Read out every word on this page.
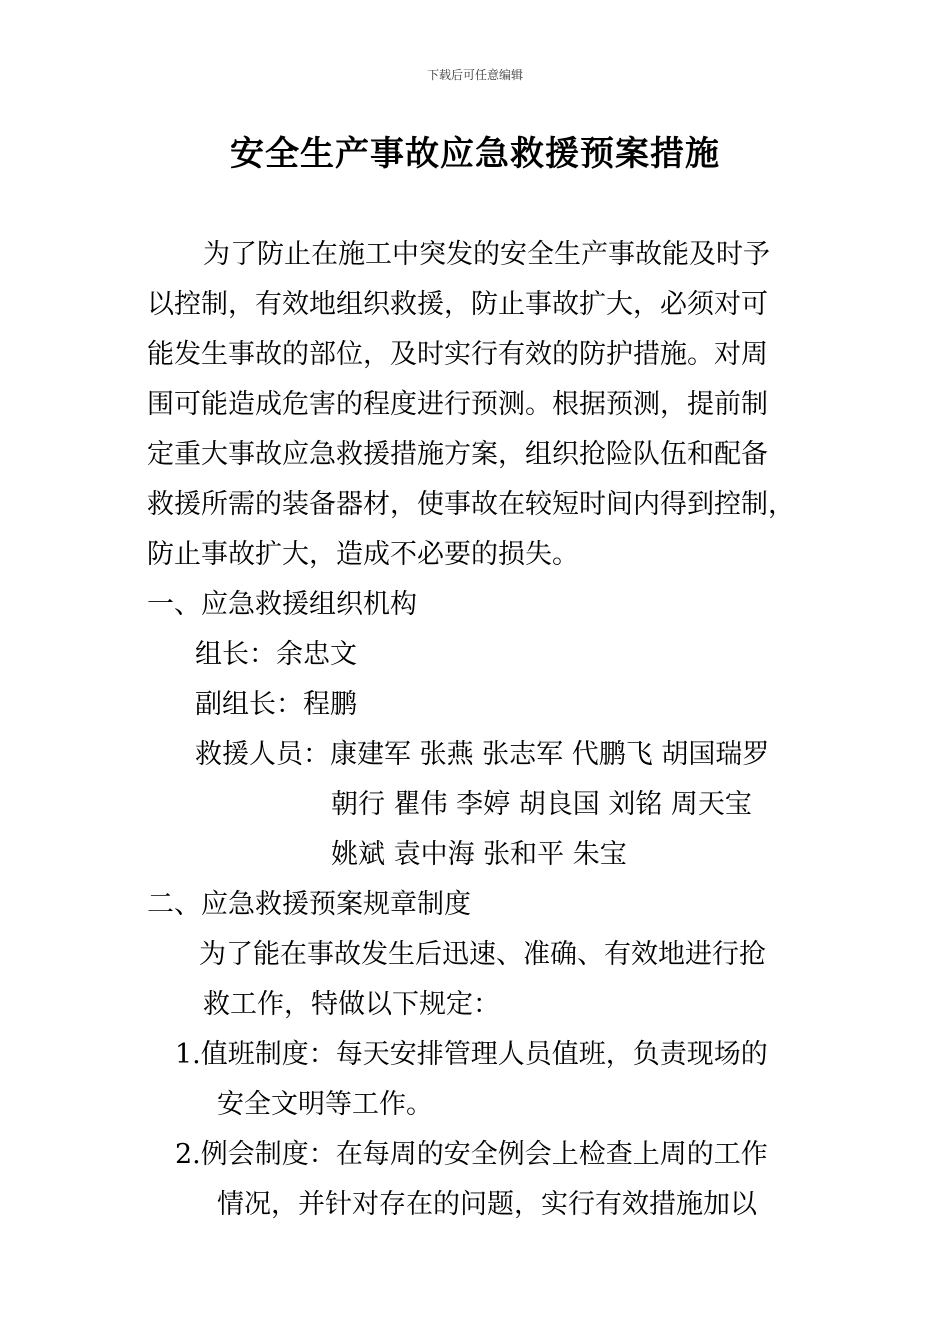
下载后可任意编辑
安全生产事故应急救援预案措施
为了防止在施工中突发的安全生产事故能及时予
以控制，有效地组织救援，防止事故扩大，必须对可
能发生事故的部位，及时实行有效的防护措施。对周
围可能造成危害的程度进行预测。根据预测，提前制
定重大事故应急救援措施方案，组织抢险队伍和配备
救援所需的装备器材，使事故在较短时间内得到控制，
防止事故扩大，造成不必要的损失。
一、应急救援组织机构
组长：余忠文
副组长：程鹏
救援人员：康建军 张燕 张志军 代鹏飞 胡国瑞罗
朝行 瞿伟 李婷 胡良国 刘铭 周天宝
姚斌 袁中海 张和平 朱宝
二、应急救援预案规章制度
为了能在事故发生后迅速、准确、有效地进行抢
救工作，特做以下规定：
1.值班制度：每天安排管理人员值班，负责现场的
安全文明等工作。
2.例会制度：在每周的安全例会上检查上周的工作
情况，并针对存在的问题，实行有效措施加以
